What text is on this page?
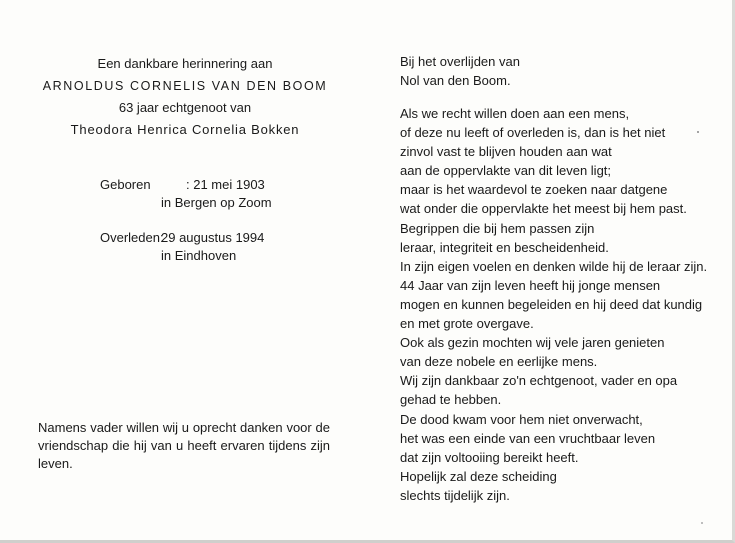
Een dankbare herinnering aan
ARNOLDUS CORNELIS VAN DEN BOOM
63 jaar echtgenoot van
Theodora Henrica Cornelia Bokken
Geboren	: 21 mei 1903
in Bergen op Zoom
Overleden:29 augustus 1994
in Eindhoven
Namens vader willen wij u oprecht danken voor de
vriendschap die hij van u heeft ervaren tijdens zijn
leven.
Bij het overlijden van
Nol van den Boom.
Als we recht willen doen aan een mens,
of deze nu leeft of overleden is, dan is het niet
zinvol vast te blijven houden aan wat
aan de oppervlakte van dit leven ligt;
maar is het waardevol te zoeken naar datgene
wat onder die oppervlakte het meest bij hem past.
Begrippen die bij hem passen zijn
leraar, integriteit en bescheidenheid.
In zijn eigen voelen en denken wilde hij de leraar zijn.
44 Jaar van zijn leven heeft hij jonge mensen
mogen en kunnen begeleiden en hij deed dat kundig
en met grote overgave.
Ook als gezin mochten wij vele jaren genieten
van deze nobele en eerlijke mens.
Wij zijn dankbaar zo'n echtgenoot, vader en opa
gehad te hebben.
De dood kwam voor hem niet onverwacht,
het was een einde van een vruchtbaar leven
dat zijn voltooiing bereikt heeft.
Hopelijk zal deze scheiding
slechts tijdelijk zijn.
